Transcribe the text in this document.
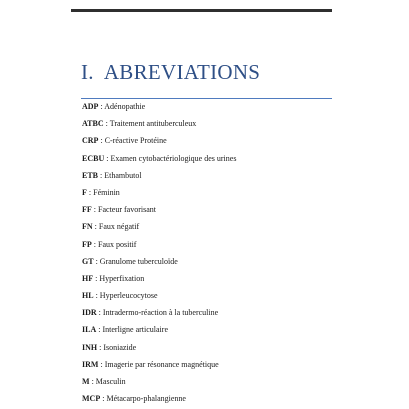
I. ABREVIATIONS
ADP : Adénopathie
ATBC : Traitement antituberculeux
CRP : C-réactive Protéine
ECBU : Examen cytobactériologique des urines
ETB : Ethambutol
F : Féminin
FF : Facteur favorisant
FN : Faux négatif
FP : Faux positif
GT : Granulome tuberculoïde
HF : Hyperfixation
HL : Hyperleucocytose
IDR : Intradermo-réaction à la tuberculine
ILA : Interligne articulaire
INH : Isoniazide
IRM : Imagerie par résonance magnétique
M : Masculin
MCP : Métacarpo-phalangienne
